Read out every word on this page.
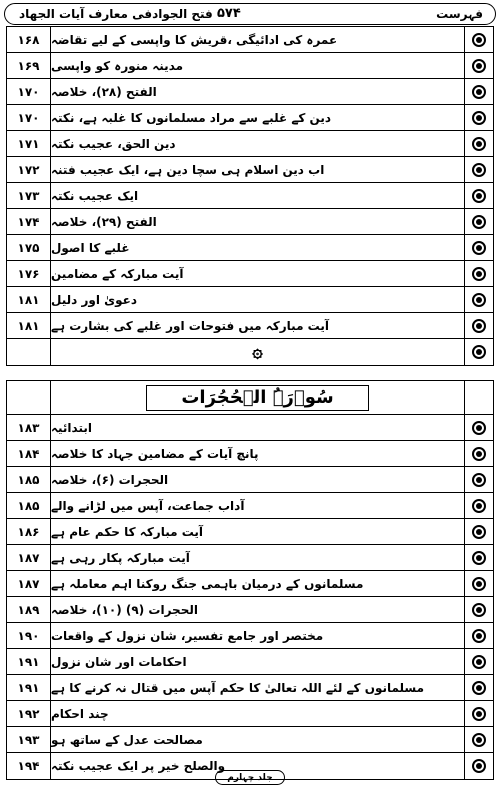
فتح الجوادفی معارف آیات الجهاد ۵۷۴	فہرست
۱۶۸ عمرہ کی ادائیگی ،قریش کا واپسی کے لیے تقاضہ
۱۶۹ مدینہ منورہ کو واپسی
۱۷۰ الفتح (۲۸)، خلاصہ
۱۷۰ دین کے غلبے سے مراد مسلمانوں کا غلبہ ہے، نکتہ
۱۷۱ دین الحق، عجیب نکتہ
۱۷۲ اب دین اسلام ہی سچا دین ہے، ایک عجیب فتنہ
۱۷۳ ایک عجیب نکتہ
۱۷۴ الفتح (۲۹)، خلاصہ
۱۷۵ غلبے کا اصول
۱۷۶ آیت مبارکہ کے مضامین
۱۸۱ دعویٰ اور دلیل
۱۸۱ آیت مبارکہ میں فتوحات اور غلبے کی بشارت ہے
۞
سُوۡرَۃُ الۡحُجُرَات
۱۸۳ ابتدائیہ
۱۸۴ پانچ آیات کے مضامین جہاد کا خلاصہ
۱۸۵ الحجرات (۶)، خلاصہ
۱۸۵ آداب جماعت، آپس میں لڑانے والے
۱۸۶ آیت مبارکہ کا حکم عام ہے
۱۸۷ آیت مبارکہ پکار رہی ہے
۱۸۷ مسلمانوں کے درمیان باہمی جنگ روکنا اہم معاملہ ہے
۱۸۹ الحجرات (۹) (۱۰)، خلاصہ
۱۹۰ مختصر اور جامع تفسیر، شان نزول کے واقعات
۱۹۱ احکامات اور شان نزول
۱۹۱ مسلمانوں کے لئے اللہ تعالیٰ کا حکم آپس میں قتال نہ کرنے کا ہے
۱۹۲ چند احکام
۱۹۳ مصالحت عدل کے ساتھ ہو
۱۹۴ والصلح خیر پر ایک عجیب نکتہ
جلد چہارم
